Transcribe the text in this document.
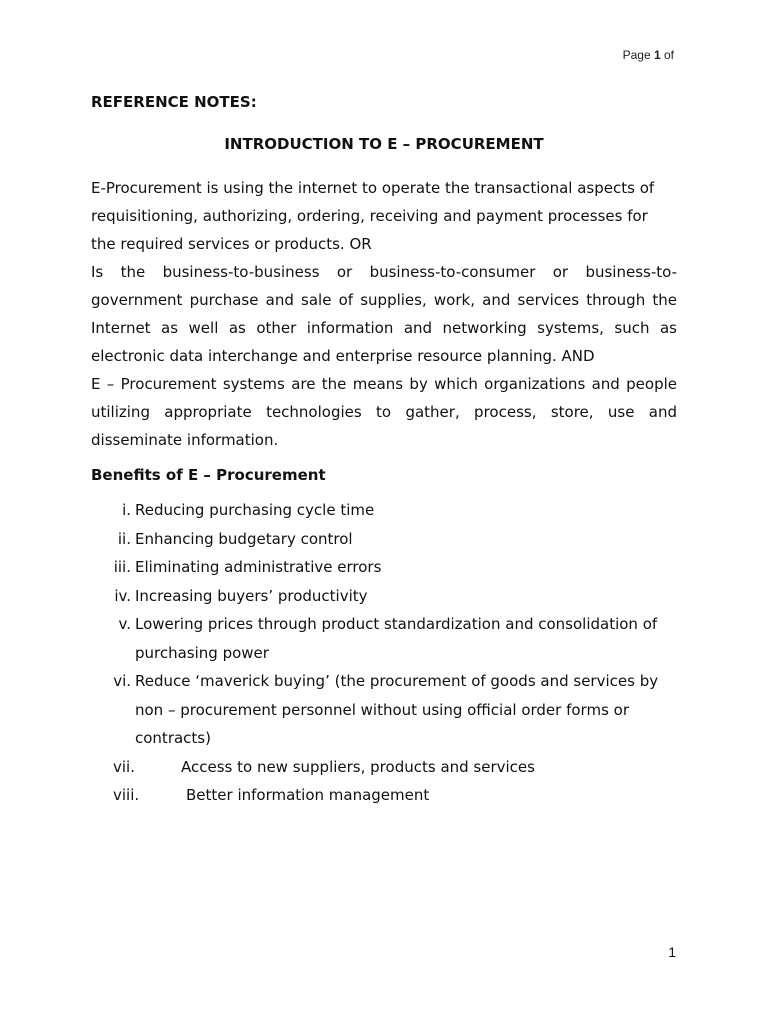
Page 1 of
REFERENCE NOTES:
INTRODUCTION TO E – PROCUREMENT

E-Procurement is using the internet to operate the transactional aspects of requisitioning, authorizing, ordering, receiving and payment processes for the required services or products. OR

Is the business-to-business or business-to-consumer or business-to-government purchase and sale of supplies, work, and services through the Internet as well as other information and networking systems, such as electronic data interchange and enterprise resource planning. AND

E – Procurement systems are the means by which organizations and people utilizing appropriate technologies to gather, process, store, use and disseminate information.

Benefits of E – Procurement
i. Reducing purchasing cycle time
ii. Enhancing budgetary control
iii. Eliminating administrative errors
iv. Increasing buyers’ productivity
v. Lowering prices through product standardization and consolidation of purchasing power
vi. Reduce ‘maverick buying’ (the procurement of goods and services by non – procurement personnel without using official order forms or contracts)
vii.	Access to new suppliers, products and services
viii.	Better information management
1
